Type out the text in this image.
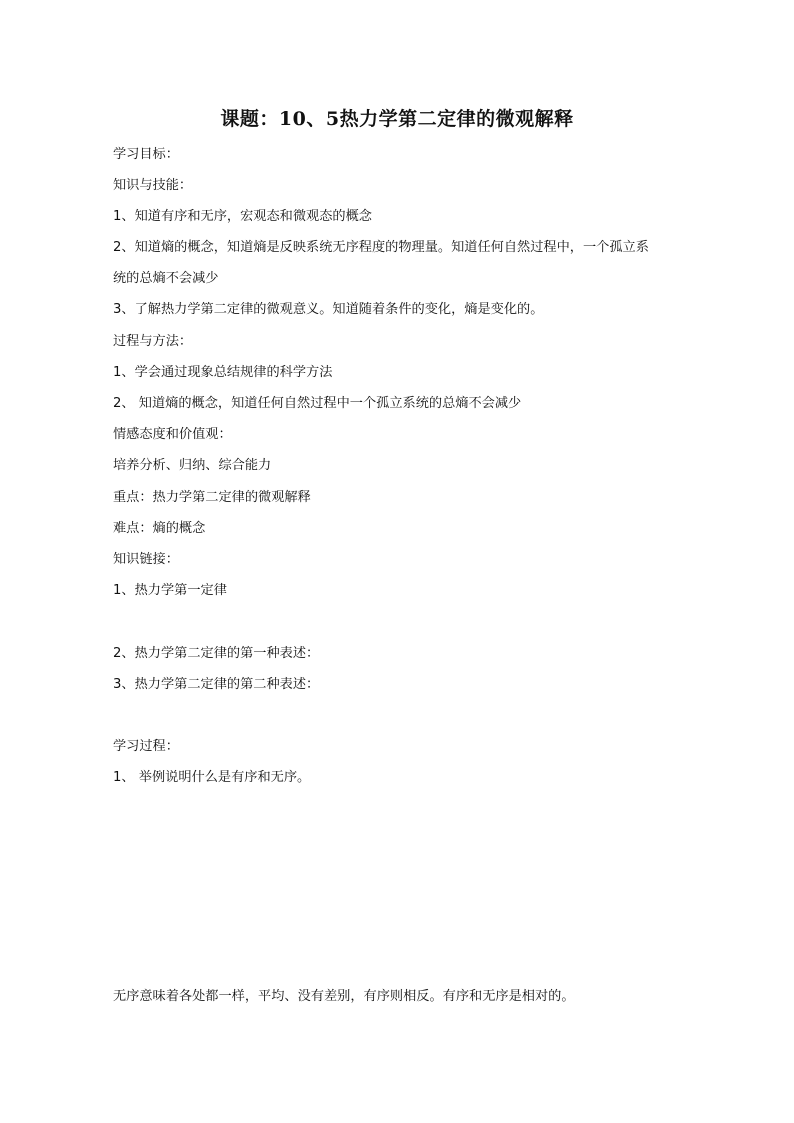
课题：10、5热力学第二定律的微观解释

学习目标：

知识与技能：

1、知道有序和无序，宏观态和微观态的概念

2、知道熵的概念，知道熵是反映系统无序程度的物理量。知道任何自然过程中，一个孤立系

统的总熵不会减少

3、了解热力学第二定律的微观意义。知道随着条件的变化，熵是变化的。

过程与方法：

1、学会通过现象总结规律的科学方法

2、 知道熵的概念，知道任何自然过程中一个孤立系统的总熵不会减少

情感态度和价值观：

培养分析、归纳、综合能力

重点：热力学第二定律的微观解释

难点：熵的概念

知识链接：

1、热力学第一定律

2、热力学第二定律的第一种表述：

3、热力学第二定律的第二种表述：

学习过程：

1、 举例说明什么是有序和无序。

无序意味着各处都一样，平均、没有差别，有序则相反。有序和无序是相对的。
